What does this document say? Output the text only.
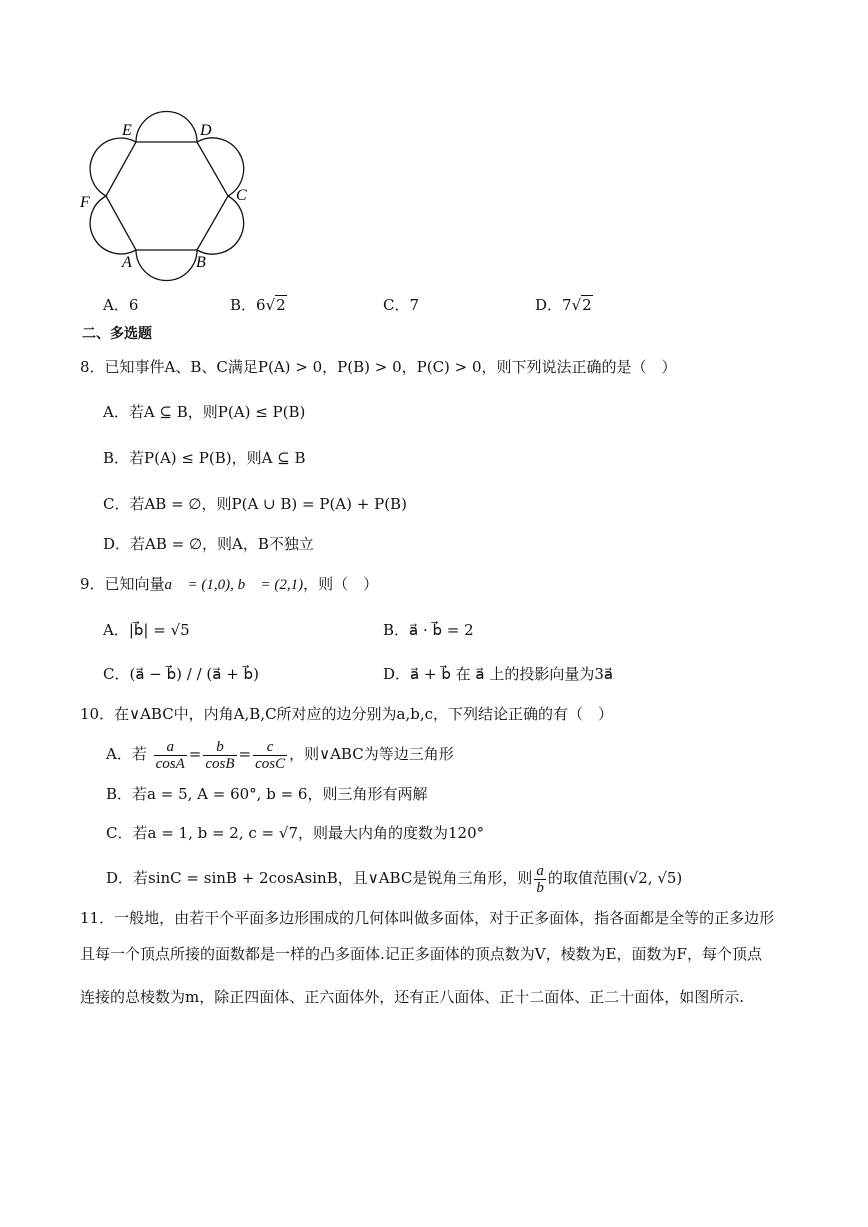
E	D
C
F
A	B
A．6	B．6√2	C．7	D．7√2
二、多选题
8．已知事件A、B、C满足P(A) > 0，P(B) > 0，P(C) > 0，则下列说法正确的是（　）
A．若A ⊆ B，则P(A) ≤ P(B)
B．若P(A) ≤ P(B)，则A ⊆ B
C．若AB = ∅，则P(A ∪ B) = P(A) + P(B)
D．若AB = ∅，则A，B不独立
9．已知向量a⃗ = (1,0), b⃗ = (2,1)，则（　）
A．|b⃗| = √5	B．a⃗ · b⃗ = 2
C．(a⃗ − b⃗) / / (a⃗ + b⃗)	D．a⃗ + b⃗ 在 a⃗ 上的投影向量为3a⃗
10．在∨ABC中，内角A,B,C所对应的边分别为a,b,c，下列结论正确的有（　）
A．若 $\frac{a}{\cos A} = \frac{b}{\cos B} = \frac{c}{\cos C}$ ，则∨ABC为等边三角形
B．若a = 5, A = 60°, b = 6，则三角形有两解
C．若a = 1, b = 2, c = √7，则最大内角的度数为120°
D．若sinC = sinB + 2cosAsinB，且∨ABC是锐角三角形，则 $\frac{a}{b}$ 的取值范围(√2, √5)
11．一般地，由若干个平面多边形围成的几何体叫做多面体，对于正多面体，指各面都是全等的正多边形
且每一个顶点所接的面数都是一样的凸多面体.记正多面体的顶点数为V，棱数为E，面数为F，每个顶点
连接的总棱数为m，除正四面体、正六面体外，还有正八面体、正十二面体、正二十面体，如图所示.
